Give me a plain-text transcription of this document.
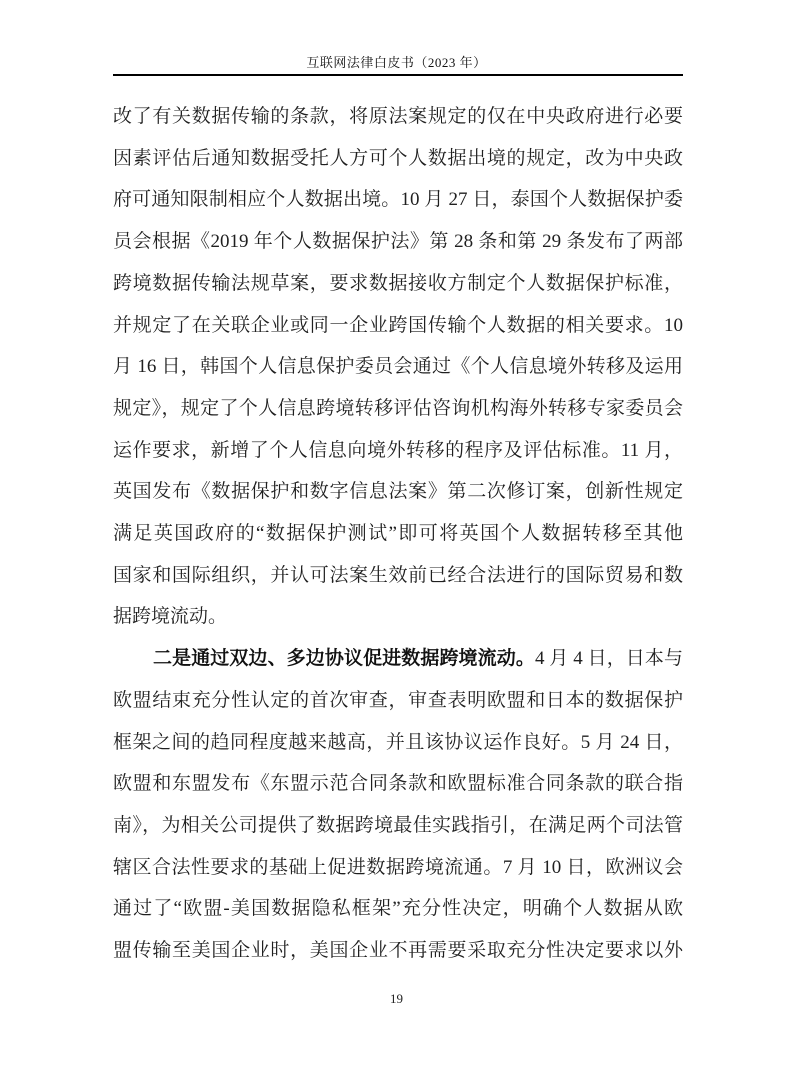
互联网法律白皮书（2023 年）
改了有关数据传输的条款，将原法案规定的仅在中央政府进行必要
因素评估后通知数据受托人方可个人数据出境的规定，改为中央政
府可通知限制相应个人数据出境。10 月 27 日，泰国个人数据保护委
员会根据《2019 年个人数据保护法》第 28 条和第 29 条发布了两部
跨境数据传输法规草案，要求数据接收方制定个人数据保护标准，
并规定了在关联企业或同一企业跨国传输个人数据的相关要求。10
月 16 日，韩国个人信息保护委员会通过《个人信息境外转移及运用
规定》，规定了个人信息跨境转移评估咨询机构海外转移专家委员会
运作要求，新增了个人信息向境外转移的程序及评估标准。11 月，
英国发布《数据保护和数字信息法案》第二次修订案，创新性规定
满足英国政府的“数据保护测试”即可将英国个人数据转移至其他
国家和国际组织，并认可法案生效前已经合法进行的国际贸易和数
据跨境流动。
二是通过双边、多边协议促进数据跨境流动。4 月 4 日，日本与
欧盟结束充分性认定的首次审查，审查表明欧盟和日本的数据保护
框架之间的趋同程度越来越高，并且该协议运作良好。5 月 24 日，
欧盟和东盟发布《东盟示范合同条款和欧盟标准合同条款的联合指
南》，为相关公司提供了数据跨境最佳实践指引，在满足两个司法管
辖区合法性要求的基础上促进数据跨境流通。7 月 10 日，欧洲议会
通过了“欧盟-美国数据隐私框架”充分性决定，明确个人数据从欧
盟传输至美国企业时，美国企业不再需要采取充分性决定要求以外
19
